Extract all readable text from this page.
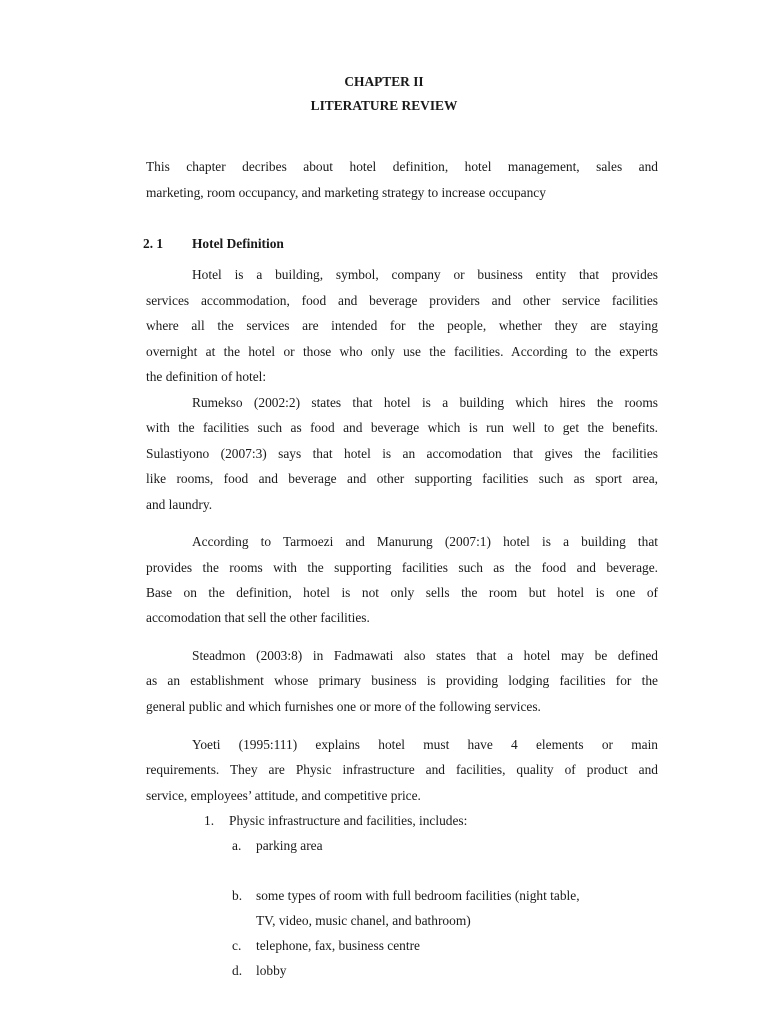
CHAPTER II

LITERATURE REVIEW

This chapter decribes about hotel definition, hotel management, sales and

marketing, room occupancy, and marketing strategy to increase occupancy

2. 1 Hotel Definition

Hotel is a building, symbol, company or business entity that provides

services accommodation, food and beverage providers and other service facilities

where all the services are intended for the people, whether they are staying

overnight at the hotel or those who only use the facilities. According to the experts

the definition of hotel:

Rumekso (2002:2) states that hotel is a building which hires the rooms

with the facilities such as food and beverage which is run well to get the benefits.

Sulastiyono (2007:3) says that hotel is an accomodation that gives the facilities

like rooms, food and beverage and other supporting facilities such as sport area,

and laundry.

According to Tarmoezi and Manurung (2007:1) hotel is a building that

provides the rooms with the supporting facilities such as the food and beverage.

Base on the definition, hotel is not only sells the room but hotel is one of

accomodation that sell the other facilities.

Steadmon (2003:8) in Fadmawati also states that a hotel may be defined

as an establishment whose primary business is providing lodging facilities for the

general public and which furnishes one or more of the following services.

Yoeti (1995:111) explains hotel must have 4 elements or main

requirements. They are Physic infrastructure and facilities, quality of product and

service, employees’ attitude, and competitive price.

1. Physic infrastructure and facilities, includes:
a. parking area
b. some types of room with full bedroom facilities (night table,
TV, video, music chanel, and bathroom)
c. telephone, fax, business centre
d. lobby
